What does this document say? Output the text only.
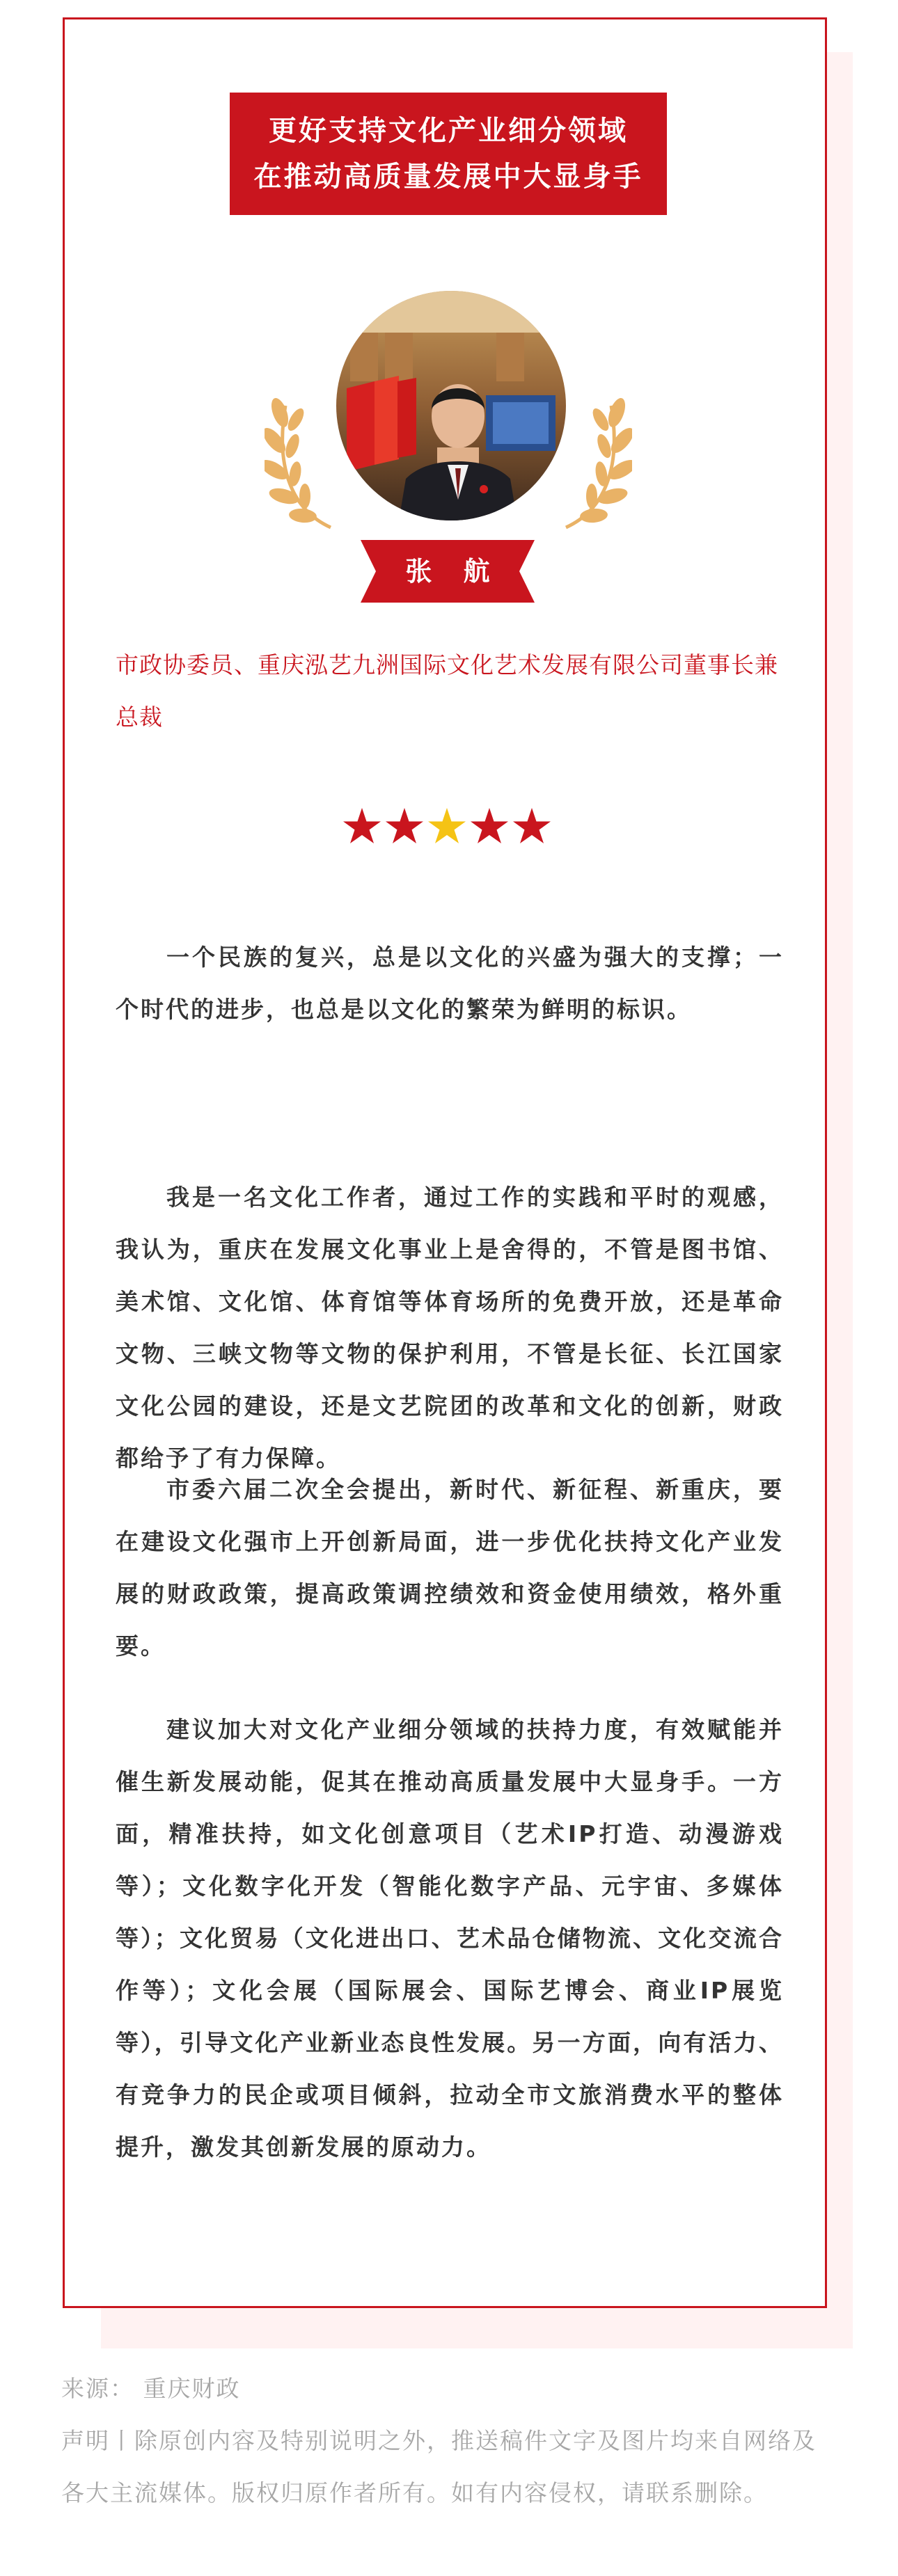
更好支持文化产业细分领域
在推动高质量发展中大显身手
张 航
市政协委员、重庆泓艺九洲国际文化艺术发展有限公司董事长兼总裁

一个民族的复兴，总是以文化的兴盛为强大的支撑；一个时代的进步，也总是以文化的繁荣为鲜明的标识。

我是一名文化工作者，通过工作的实践和平时的观感，我认为，重庆在发展文化事业上是舍得的，不管是图书馆、美术馆、文化馆、体育馆等体育场所的免费开放，还是革命文物、三峡文物等文物的保护利用，不管是长征、长江国家文化公园的建设，还是文艺院团的改革和文化的创新，财政都给予了有力保障。

市委六届二次全会提出，新时代、新征程、新重庆，要在建设文化强市上开创新局面，进一步优化扶持文化产业发展的财政政策，提高政策调控绩效和资金使用绩效，格外重要。

建议加大对文化产业细分领域的扶持力度，有效赋能并催生新发展动能，促其在推动高质量发展中大显身手。一方面，精准扶持，如文化创意项目（艺术IP打造、动漫游戏等）；文化数字化开发（智能化数字产品、元宇宙、多媒体等）；文化贸易（文化进出口、艺术品仓储物流、文化交流合作等）；文化会展（国际展会、国际艺博会、商业IP展览等），引导文化产业新业态良性发展。另一方面，向有活力、有竞争力的民企或项目倾斜，拉动全市文旅消费水平的整体提升，激发其创新发展的原动力。

来源： 重庆财政

声明丨除原创内容及特别说明之外，推送稿件文字及图片均来自网络及各大主流媒体。版权归原作者所有。如有内容侵权，请联系删除。
